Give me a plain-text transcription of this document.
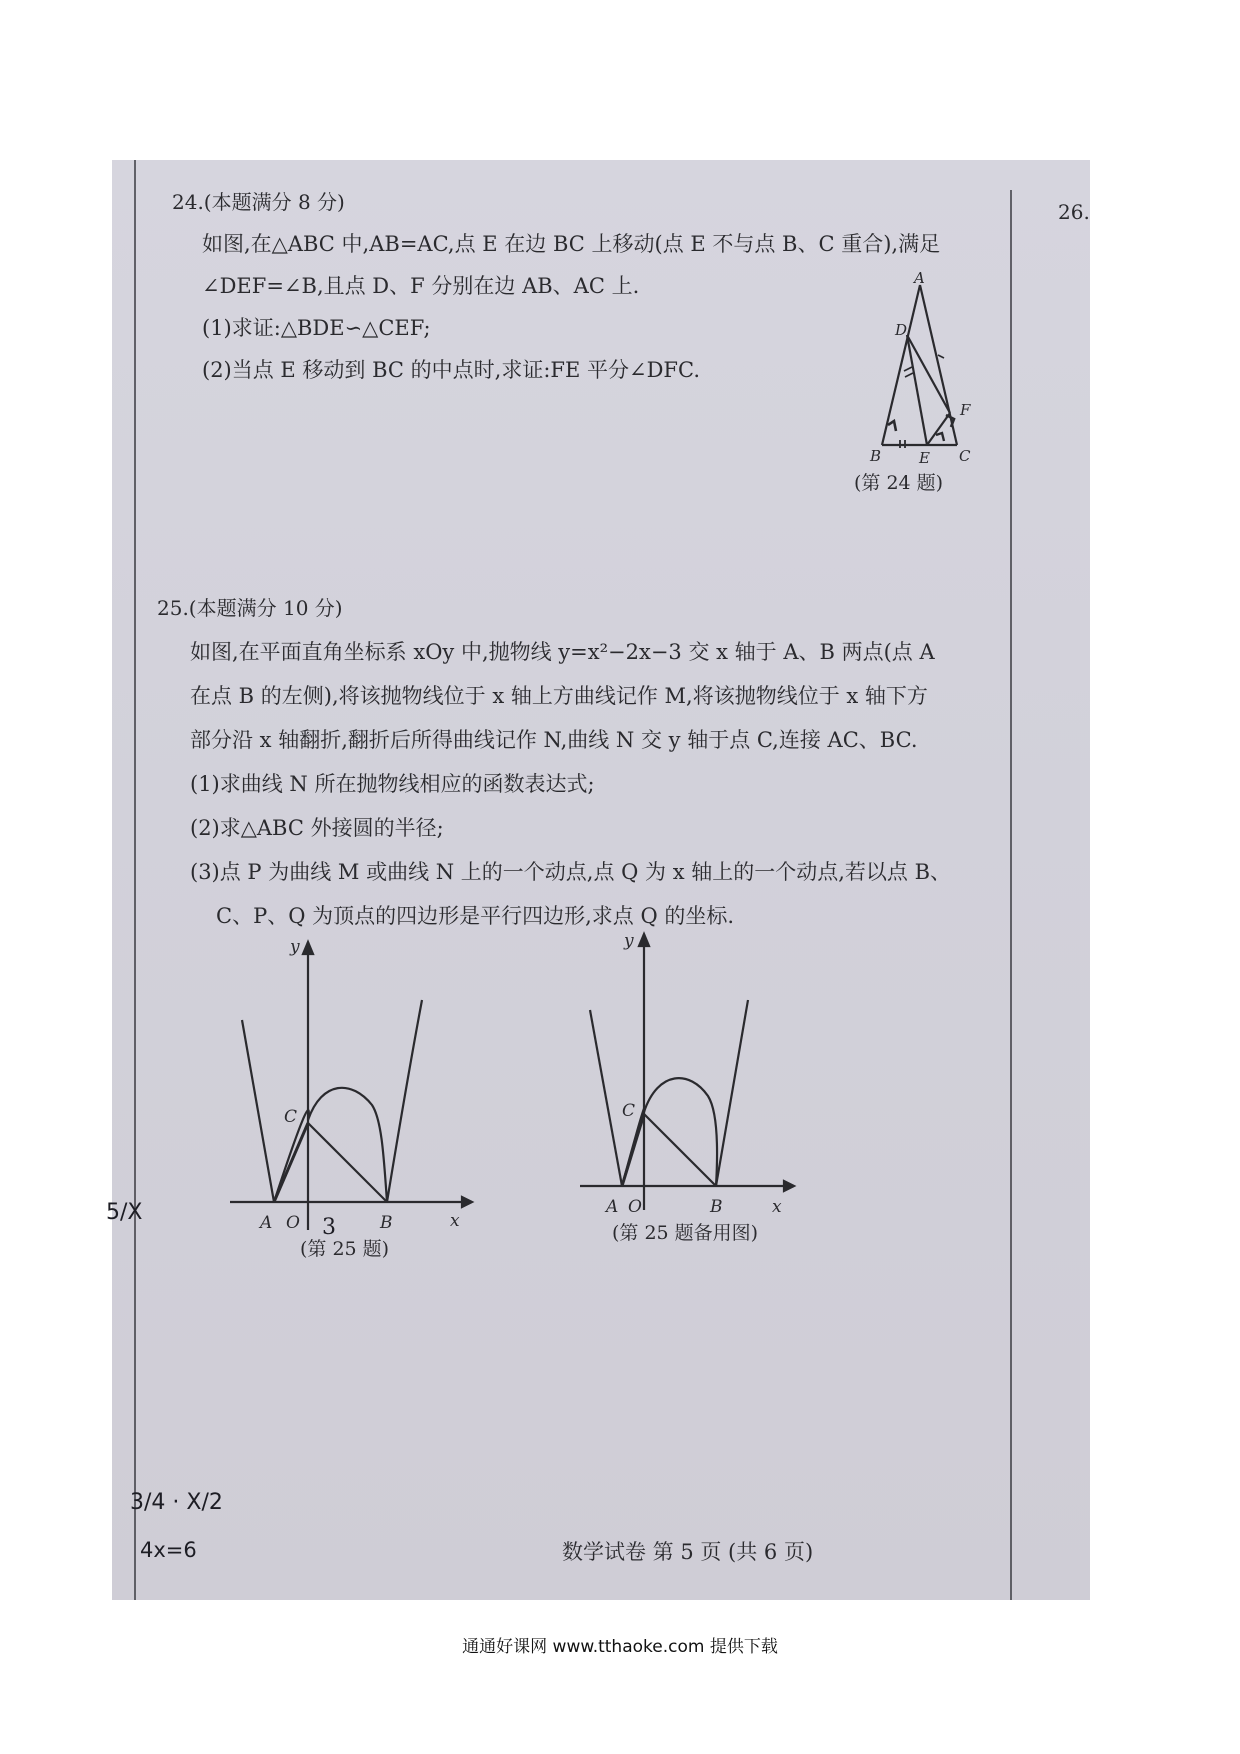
24.(本题满分 8 分)
如图,在△ABC 中,AB=AC,点 E 在边 BC 上移动(点 E 不与点 B、C 重合),满足
∠DEF=∠B,且点 D、F 分别在边 AB、AC 上.
(1)求证:△BDE∽△CEF;
(2)当点 E 移动到 BC 的中点时,求证:FE 平分∠DFC.
A
D
F
B	E C
(第 24 题)
25.(本题满分 10 分)
如图,在平面直角坐标系 xOy 中,抛物线 y=x²−2x−3 交 x 轴于 A、B 两点(点 A
在点 B 的左侧),将该抛物线位于 x 轴上方曲线记作 M,将该抛物线位于 x 轴下方
部分沿 x 轴翻折,翻折后所得曲线记作 N,曲线 N 交 y 轴于点 C,连接 AC、BC.
(1)求曲线 N 所在抛物线相应的函数表达式;
(2)求△ABC 外接圆的半径;
(3)点 P 为曲线 M 或曲线 N 上的一个动点,点 Q 为 x 轴上的一个动点,若以点 B、
C、P、Q 为顶点的四边形是平行四边形,求点 Q 的坐标.
y
x
C
A O	B
3
(第 25 题)
y
x
C
A O	B
(第 25 题备用图)
26.
数学试卷 第 5 页 (共 6 页)
5/X
3/4 · X/2
4x=6
通通好课网 www.tthaoke.com 提供下载
